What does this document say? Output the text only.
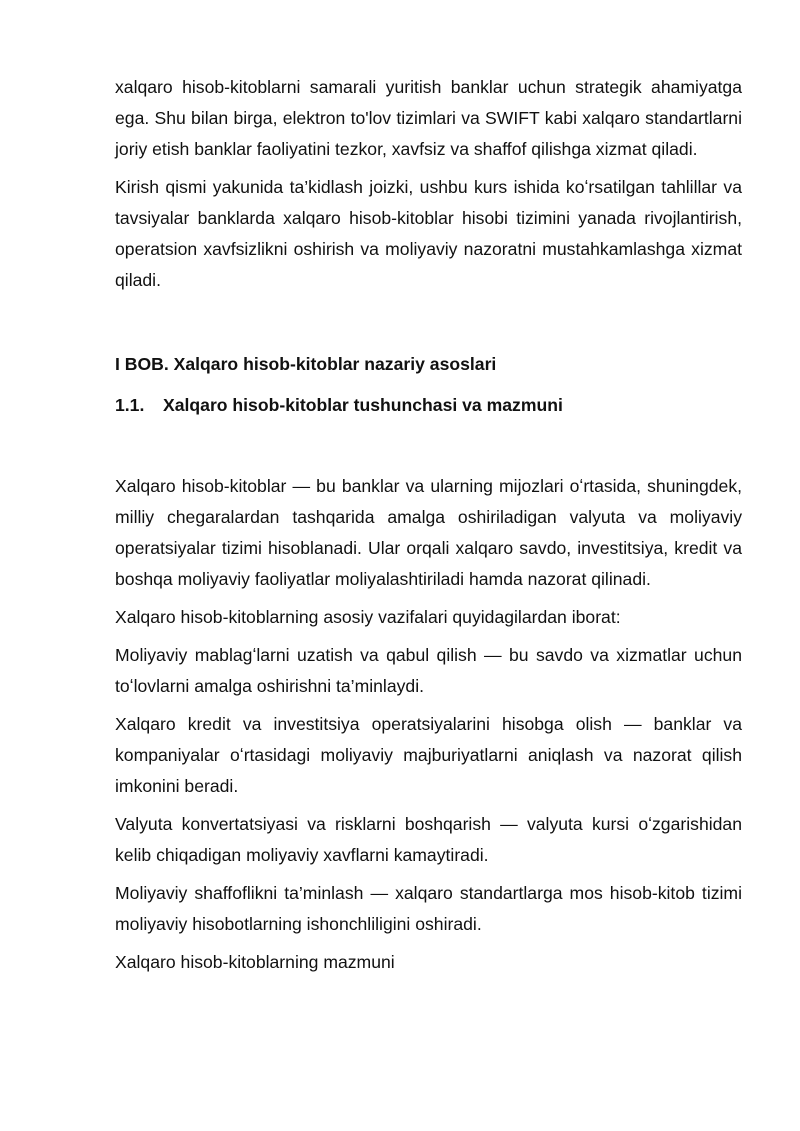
xalqaro hisob-kitoblarni samarali yuritish banklar uchun strategik ahamiyatga ega. Shu bilan birga, elektron to'lov tizimlari va SWIFT kabi xalqaro standartlarni joriy etish banklar faoliyatini tezkor, xavfsiz va shaffof qilishga xizmat qiladi.

Kirish qismi yakunida ta’kidlash joizki, ushbu kurs ishida koʻrsatilgan tahlillar va tavsiyalar banklarda xalqaro hisob-kitoblar hisobi tizimini yanada rivojlantirish, operatsion xavfsizlikni oshirish va moliyaviy nazoratni mustahkamlashga xizmat qiladi.

I BOB. Xalqaro hisob-kitoblar nazariy asoslari
1.1.	Xalqaro hisob-kitoblar tushunchasi va mazmuni

Xalqaro hisob-kitoblar — bu banklar va ularning mijozlari oʻrtasida, shuningdek, milliy chegaralardan tashqarida amalga oshiriladigan valyuta va moliyaviy operatsiyalar tizimi hisoblanadi. Ular orqali xalqaro savdo, investitsiya, kredit va boshqa moliyaviy faoliyatlar moliyalashtiriladi hamda nazorat qilinadi.

Xalqaro hisob-kitoblarning asosiy vazifalari quyidagilardan iborat:

Moliyaviy mablagʻlarni uzatish va qabul qilish — bu savdo va xizmatlar uchun toʻlovlarni amalga oshirishni ta’minlaydi.

Xalqaro kredit va investitsiya operatsiyalarini hisobga olish — banklar va kompaniyalar oʻrtasidagi moliyaviy majburiyatlarni aniqlash va nazorat qilish imkonini beradi.

Valyuta konvertatsiyasi va risklarni boshqarish — valyuta kursi oʻzgarishidan kelib chiqadigan moliyaviy xavflarni kamaytiradi.

Moliyaviy shaffoflikni ta’minlash — xalqaro standartlarga mos hisob-kitob tizimi moliyaviy hisobotlarning ishonchliligini oshiradi.

Xalqaro hisob-kitoblarning mazmuni
